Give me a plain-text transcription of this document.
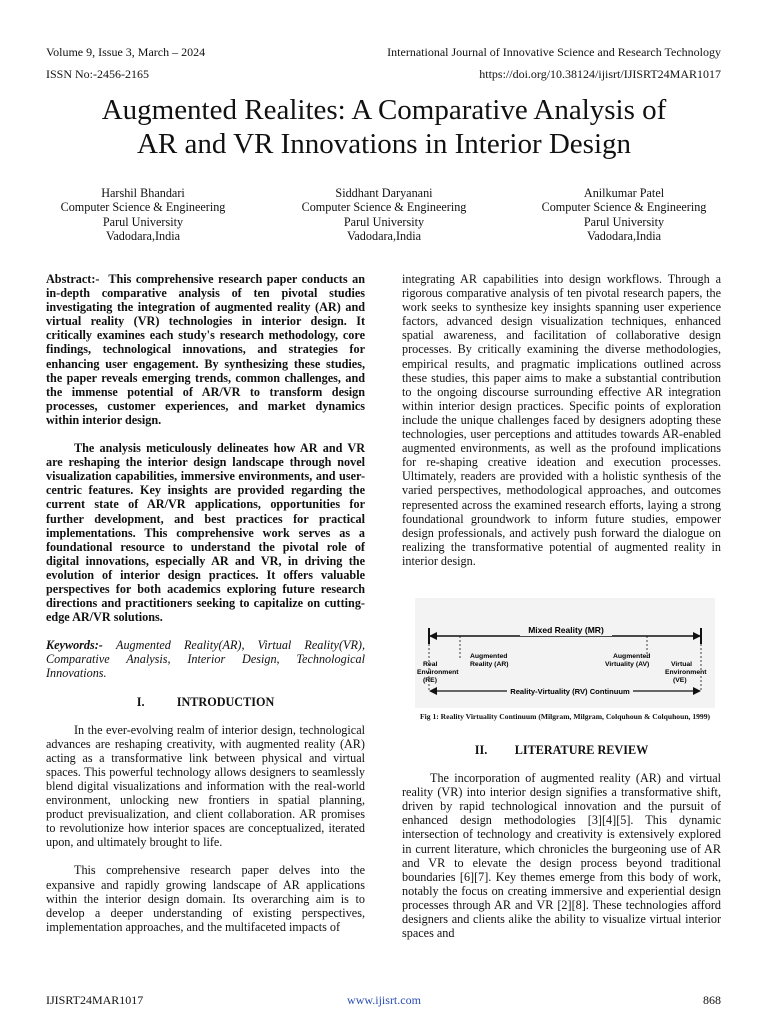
Volume 9, Issue 3, March – 2024
ISSN No:-2456-2165
International Journal of Innovative Science and Research Technology
https://doi.org/10.38124/ijisrt/IJISRT24MAR1017
Augmented Realites: A Comparative Analysis of
AR and VR Innovations in Interior Design
Harshil Bhandari
Computer Science & Engineering
Parul University
Vadodara,India
Siddhant Daryanani
Computer Science & Engineering
Parul University
Vadodara,India
Anilkumar Patel
Computer Science & Engineering
Parul University
Vadodara,India

Abstract:- This comprehensive research paper conducts an in-depth comparative analysis of ten pivotal studies investigating the integration of augmented reality (AR) and virtual reality (VR) technologies in interior design. It critically examines each study's research methodology, core findings, technological innovations, and strategies for enhancing user engagement. By synthesizing these studies, the paper reveals emerging trends, common challenges, and the immense potential of AR/VR to transform design processes, customer experiences, and market dynamics within interior design.

The analysis meticulously delineates how AR and VR are reshaping the interior design landscape through novel visualization capabilities, immersive environments, and user-centric features. Key insights are provided regarding the current state of AR/VR applications, opportunities for further development, and best practices for practical implementations. This comprehensive work serves as a foundational resource to understand the pivotal role of digital innovations, especially AR and VR, in driving the evolution of interior design practices. It offers valuable perspectives for both academics exploring future research directions and practitioners seeking to capitalize on cutting-edge AR/VR solutions.

Keywords:- Augmented Reality(AR), Virtual Reality(VR), Comparative Analysis, Interior Design, Technological Innovations.

I.	INTRODUCTION

In the ever-evolving realm of interior design, technological advances are reshaping creativity, with augmented reality (AR) acting as a transformative link between physical and virtual spaces. This powerful technology allows designers to seamlessly blend digital visualizations and information with the real-world environment, unlocking new frontiers in spatial planning, product previsualization, and client collaboration. AR promises to revolutionize how interior spaces are conceptualized, iterated upon, and ultimately brought to life.

This comprehensive research paper delves into the expansive and rapidly growing landscape of AR applications within the interior design domain. Its overarching aim is to develop a deeper understanding of existing perspectives, implementation approaches, and the multifaceted impacts of

integrating AR capabilities into design workflows. Through a rigorous comparative analysis of ten pivotal research papers, the work seeks to synthesize key insights spanning user experience factors, advanced design visualization techniques, enhanced spatial awareness, and facilitation of collaborative design processes. By critically examining the diverse methodologies, empirical results, and pragmatic implications outlined across these studies, this paper aims to make a substantial contribution to the ongoing discourse surrounding effective AR integration within interior design practices. Specific points of exploration include the unique challenges faced by designers adopting these technologies, user perceptions and attitudes towards AR-enabled augmented environments, as well as the profound implications for re-shaping creative ideation and execution processes. Ultimately, readers are provided with a holistic synthesis of the varied perspectives, methodological approaches, and outcomes represented across the examined research efforts, laying a strong foundational groundwork to inform future studies, empower design professionals, and actively push forward the dialogue on realizing the transformative potential of augmented reality in interior design.

Mixed Reality (MR)
Real
Environment
(RE)
Augmented
Reality (AR)
Augmented
Virtuality (AV)	Virtual
Environment
(VE)
Reality-Virtuality (RV) Continuum
Fig 1: Reality Virtuality Continuum (Milgram, Milgram, Colquhoun & Colquhoun, 1999)

II. LITERATURE REVIEW

The incorporation of augmented reality (AR) and virtual reality (VR) into interior design signifies a transformative shift, driven by rapid technological innovation and the pursuit of enhanced design methodologies [3][4][5]. This dynamic intersection of technology and creativity is extensively explored in current literature, which chronicles the burgeoning use of AR and VR to elevate the design process beyond traditional boundaries [6][7]. Key themes emerge from this body of work, notably the focus on creating immersive and experiential design processes through AR and VR [2][8]. These technologies afford designers and clients alike the ability to visualize virtual interior spaces and

IJISRT24MAR1017	www.ijisrt.com	868
